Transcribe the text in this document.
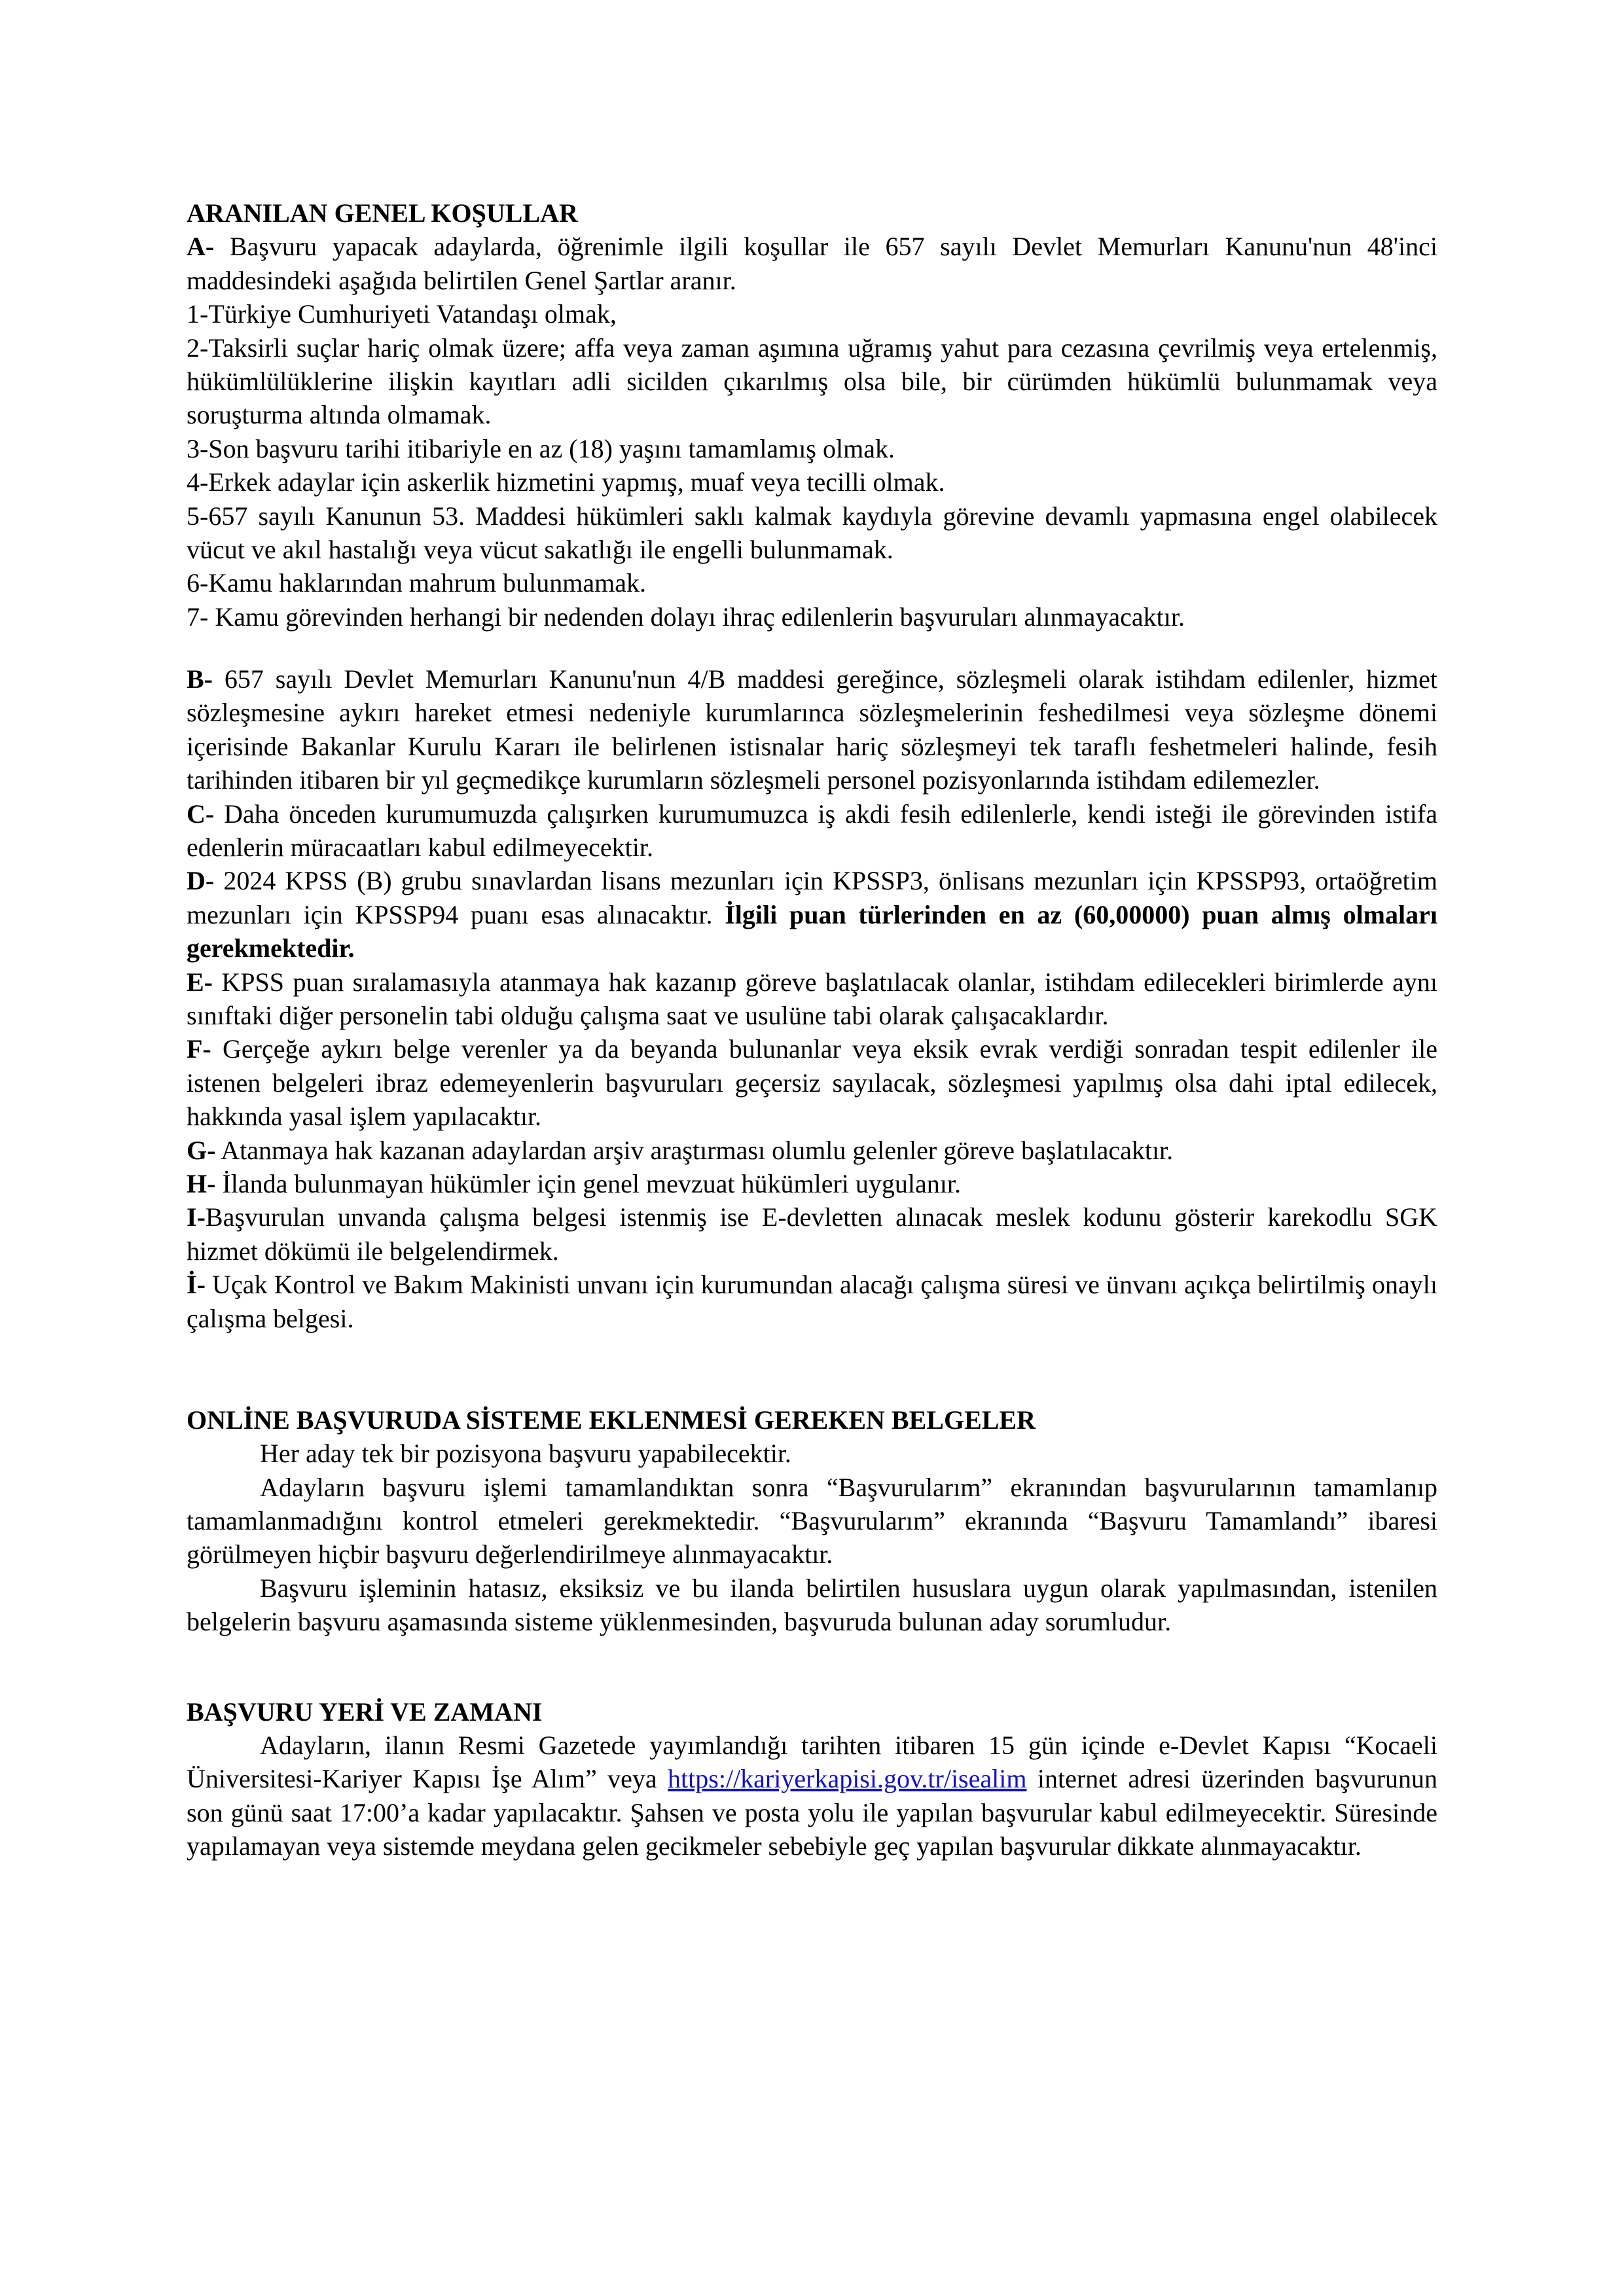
ARANILAN GENEL KOŞULLAR

A- Başvuru yapacak adaylarda, öğrenimle ilgili koşullar ile 657 sayılı Devlet Memurları Kanunu'nun 48'inci maddesindeki aşağıda belirtilen Genel Şartlar aranır.

1-Türkiye Cumhuriyeti Vatandaşı olmak,

2-Taksirli suçlar hariç olmak üzere; affa veya zaman aşımına uğramış yahut para cezasına çevrilmiş veya ertelenmiş, hükümlülüklerine ilişkin kayıtları adli sicilden çıkarılmış olsa bile, bir cürümden hükümlü bulunmamak veya soruşturma altında olmamak.

3-Son başvuru tarihi itibariyle en az (18) yaşını tamamlamış olmak.

4-Erkek adaylar için askerlik hizmetini yapmış, muaf veya tecilli olmak.

5-657 sayılı Kanunun 53. Maddesi hükümleri saklı kalmak kaydıyla görevine devamlı yapmasına engel olabilecek vücut ve akıl hastalığı veya vücut sakatlığı ile engelli bulunmamak.

6-Kamu haklarından mahrum bulunmamak.

7- Kamu görevinden herhangi bir nedenden dolayı ihraç edilenlerin başvuruları alınmayacaktır.

B- 657 sayılı Devlet Memurları Kanunu'nun 4/B maddesi gereğince, sözleşmeli olarak istihdam edilenler, hizmet sözleşmesine aykırı hareket etmesi nedeniyle kurumlarınca sözleşmelerinin feshedilmesi veya sözleşme dönemi içerisinde Bakanlar Kurulu Kararı ile belirlenen istisnalar hariç sözleşmeyi tek taraflı feshetmeleri halinde, fesih tarihinden itibaren bir yıl geçmedikçe kurumların sözleşmeli personel pozisyonlarında istihdam edilemezler.

C- Daha önceden kurumumuzda çalışırken kurumumuzca iş akdi fesih edilenlerle, kendi isteği ile görevinden istifa edenlerin müracaatları kabul edilmeyecektir.

D- 2024 KPSS (B) grubu sınavlardan lisans mezunları için KPSSP3, önlisans mezunları için KPSSP93, ortaöğretim mezunları için KPSSP94 puanı esas alınacaktır. İlgili puan türlerinden en az (60,00000) puan almış olmaları gerekmektedir.

E- KPSS puan sıralamasıyla atanmaya hak kazanıp göreve başlatılacak olanlar, istihdam edilecekleri birimlerde aynı sınıftaki diğer personelin tabi olduğu çalışma saat ve usulüne tabi olarak çalışacaklardır.

F- Gerçeğe aykırı belge verenler ya da beyanda bulunanlar veya eksik evrak verdiği sonradan tespit edilenler ile istenen belgeleri ibraz edemeyenlerin başvuruları geçersiz sayılacak, sözleşmesi yapılmış olsa dahi iptal edilecek, hakkında yasal işlem yapılacaktır.

G- Atanmaya hak kazanan adaylardan arşiv araştırması olumlu gelenler göreve başlatılacaktır.

H- İlanda bulunmayan hükümler için genel mevzuat hükümleri uygulanır.

I-Başvurulan unvanda çalışma belgesi istenmiş ise E-devletten alınacak meslek kodunu gösterir karekodlu SGK hizmet dökümü ile belgelendirmek.

İ- Uçak Kontrol ve Bakım Makinisti unvanı için kurumundan alacağı çalışma süresi ve ünvanı açıkça belirtilmiş onaylı çalışma belgesi.

ONLİNE BAŞVURUDA SİSTEME EKLENMESİ GEREKEN BELGELER

Her aday tek bir pozisyona başvuru yapabilecektir.

Adayların başvuru işlemi tamamlandıktan sonra “Başvurularım” ekranından başvurularının tamamlanıp tamamlanmadığını kontrol etmeleri gerekmektedir. “Başvurularım” ekranında “Başvuru Tamamlandı” ibaresi görülmeyen hiçbir başvuru değerlendirilmeye alınmayacaktır.

Başvuru işleminin hatasız, eksiksiz ve bu ilanda belirtilen hususlara uygun olarak yapılmasından, istenilen belgelerin başvuru aşamasında sisteme yüklenmesinden, başvuruda bulunan aday sorumludur.

BAŞVURU YERİ VE ZAMANI

Adayların, ilanın Resmi Gazetede yayımlandığı tarihten itibaren 15 gün içinde e-Devlet Kapısı “Kocaeli Üniversitesi-Kariyer Kapısı İşe Alım” veya https://kariyerkapisi.gov.tr/isealim internet adresi üzerinden başvurunun son günü saat 17:00’a kadar yapılacaktır. Şahsen ve posta yolu ile yapılan başvurular kabul edilmeyecektir. Süresinde yapılamayan veya sistemde meydana gelen gecikmeler sebebiyle geç yapılan başvurular dikkate alınmayacaktır.
